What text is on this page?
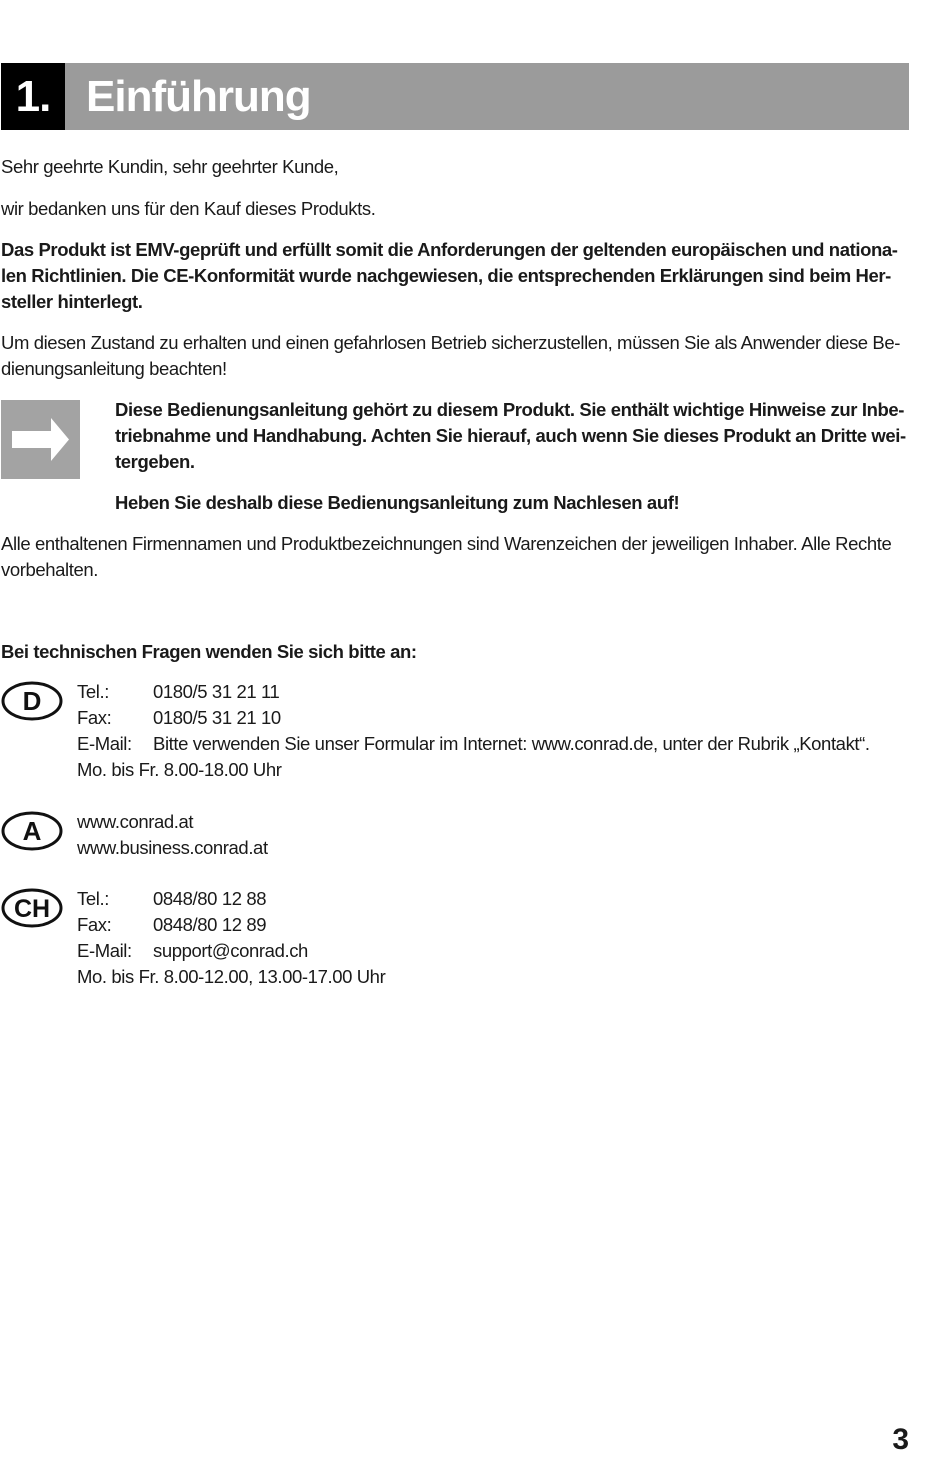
1. Einführung
Sehr geehrte Kundin, sehr geehrter Kunde,
wir bedanken uns für den Kauf dieses Produkts.
Das Produkt ist EMV-geprüft und erfüllt somit die Anforderungen der geltenden europäischen und nationa-
len Richtlinien. Die CE-Konformität wurde nachgewiesen, die entsprechenden Erklärungen sind beim Her-
steller hinterlegt.
Um diesen Zustand zu erhalten und einen gefahrlosen Betrieb sicherzustellen, müssen Sie als Anwender diese Be-
dienungsanleitung beachten!
Diese Bedienungsanleitung gehört zu diesem Produkt. Sie enthält wichtige Hinweise zur Inbe-
triebnahme und Handhabung. Achten Sie hierauf, auch wenn Sie dieses Produkt an Dritte wei-
tergeben.
Heben Sie deshalb diese Bedienungsanleitung zum Nachlesen auf!
Alle enthaltenen Firmennamen und Produktbezeichnungen sind Warenzeichen der jeweiligen Inhaber. Alle Rechte
vorbehalten.
Bei technischen Fragen wenden Sie sich bitte an:
D Tel.: 0180/5 31 21 11
Fax: 0180/5 31 21 10
E-Mail: Bitte verwenden Sie unser Formular im Internet: www.conrad.de, unter der Rubrik „Kontakt“.
Mo. bis Fr. 8.00-18.00 Uhr
A www.conrad.at
www.business.conrad.at
CH Tel.: 0848/80 12 88
Fax: 0848/80 12 89
E-Mail: support@conrad.ch
Mo. bis Fr. 8.00-12.00, 13.00-17.00 Uhr
3
